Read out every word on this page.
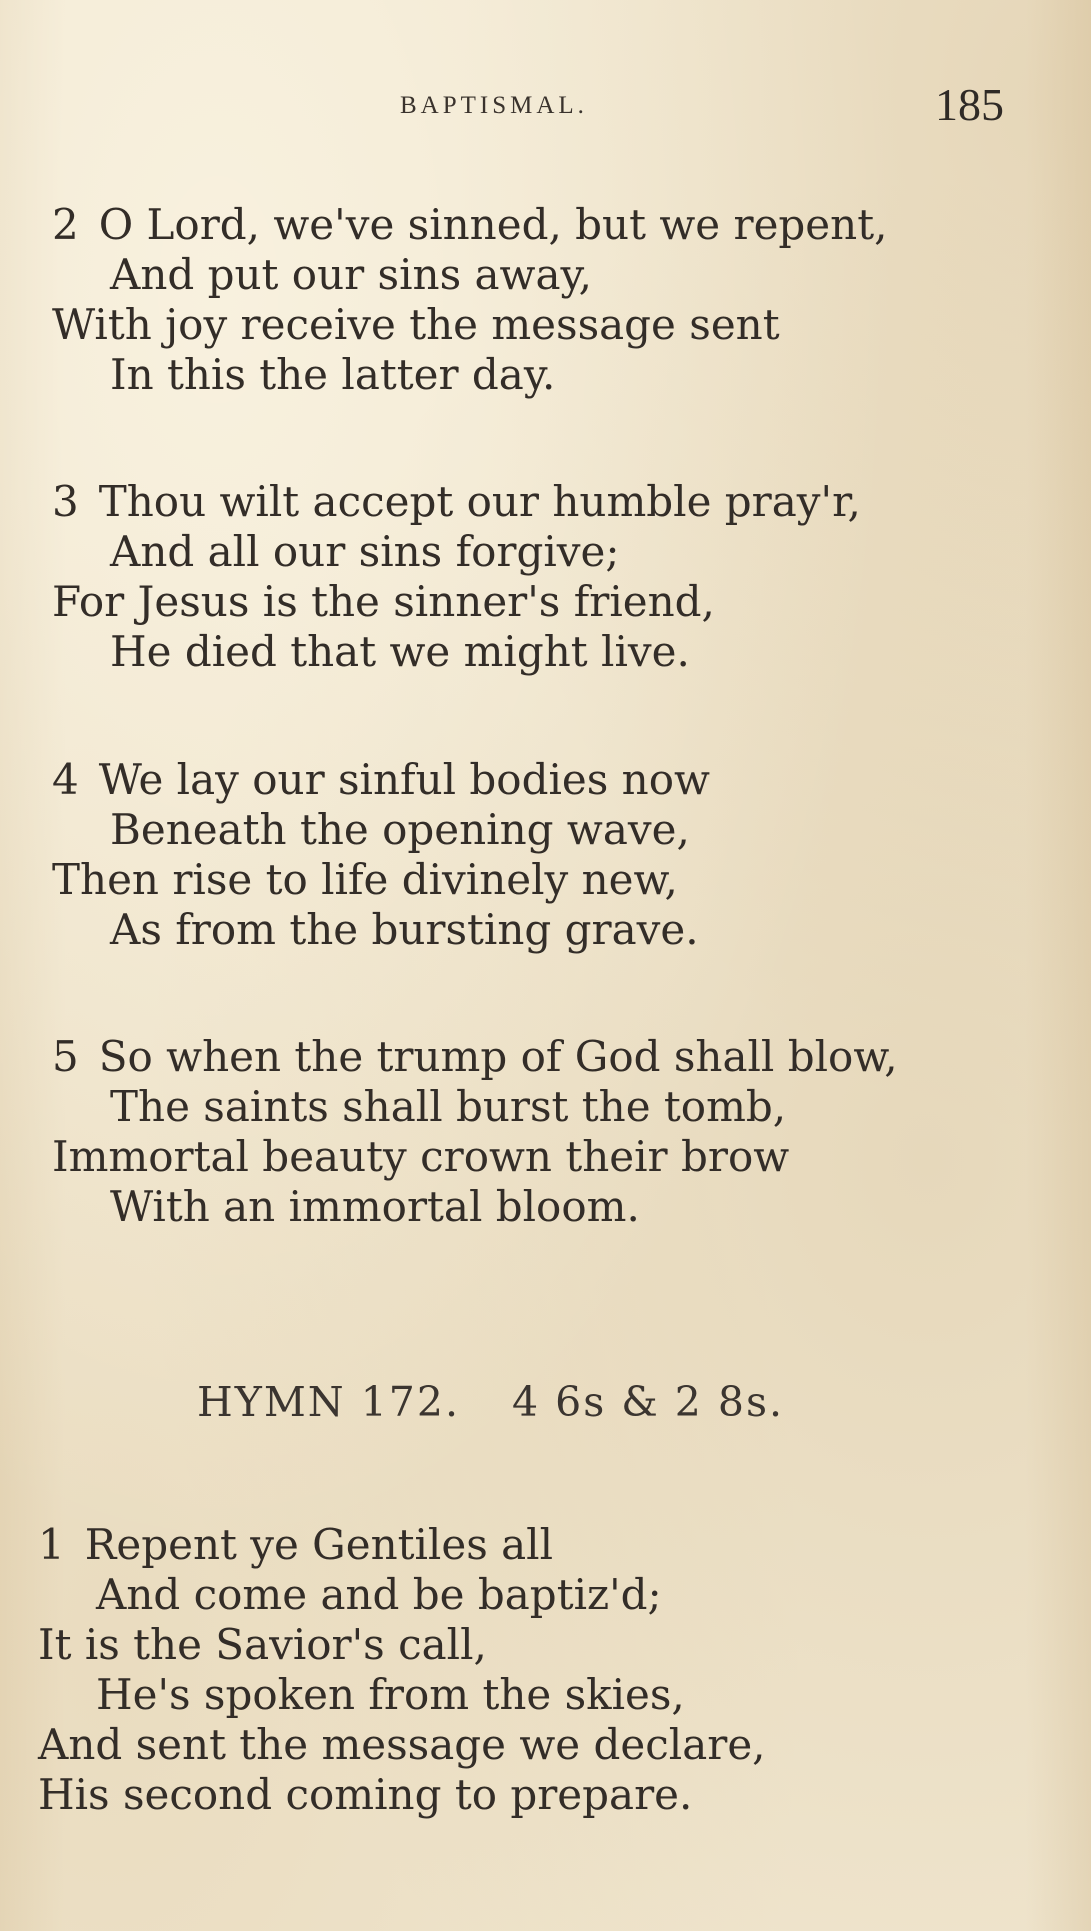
BAPTISMAL.	185
2 O Lord, we've sinned, but we repent,
And put our sins away,
With joy receive the message sent
In this the latter day.
3 Thou wilt accept our humble pray'r,
And all our sins forgive;
For Jesus is the sinner's friend,
He died that we might live.
4 We lay our sinful bodies now
Beneath the opening wave,
Then rise to life divinely new,
As from the bursting grave.
5 So when the trump of God shall blow,
The saints shall burst the tomb,
Immortal beauty crown their brow
With an immortal bloom.
HYMN 172. 4 6s & 2 8s.
1 Repent ye Gentiles all
And come and be baptiz'd;
It is the Savior's call,
He's spoken from the skies,
And sent the message we declare,
His second coming to prepare.
